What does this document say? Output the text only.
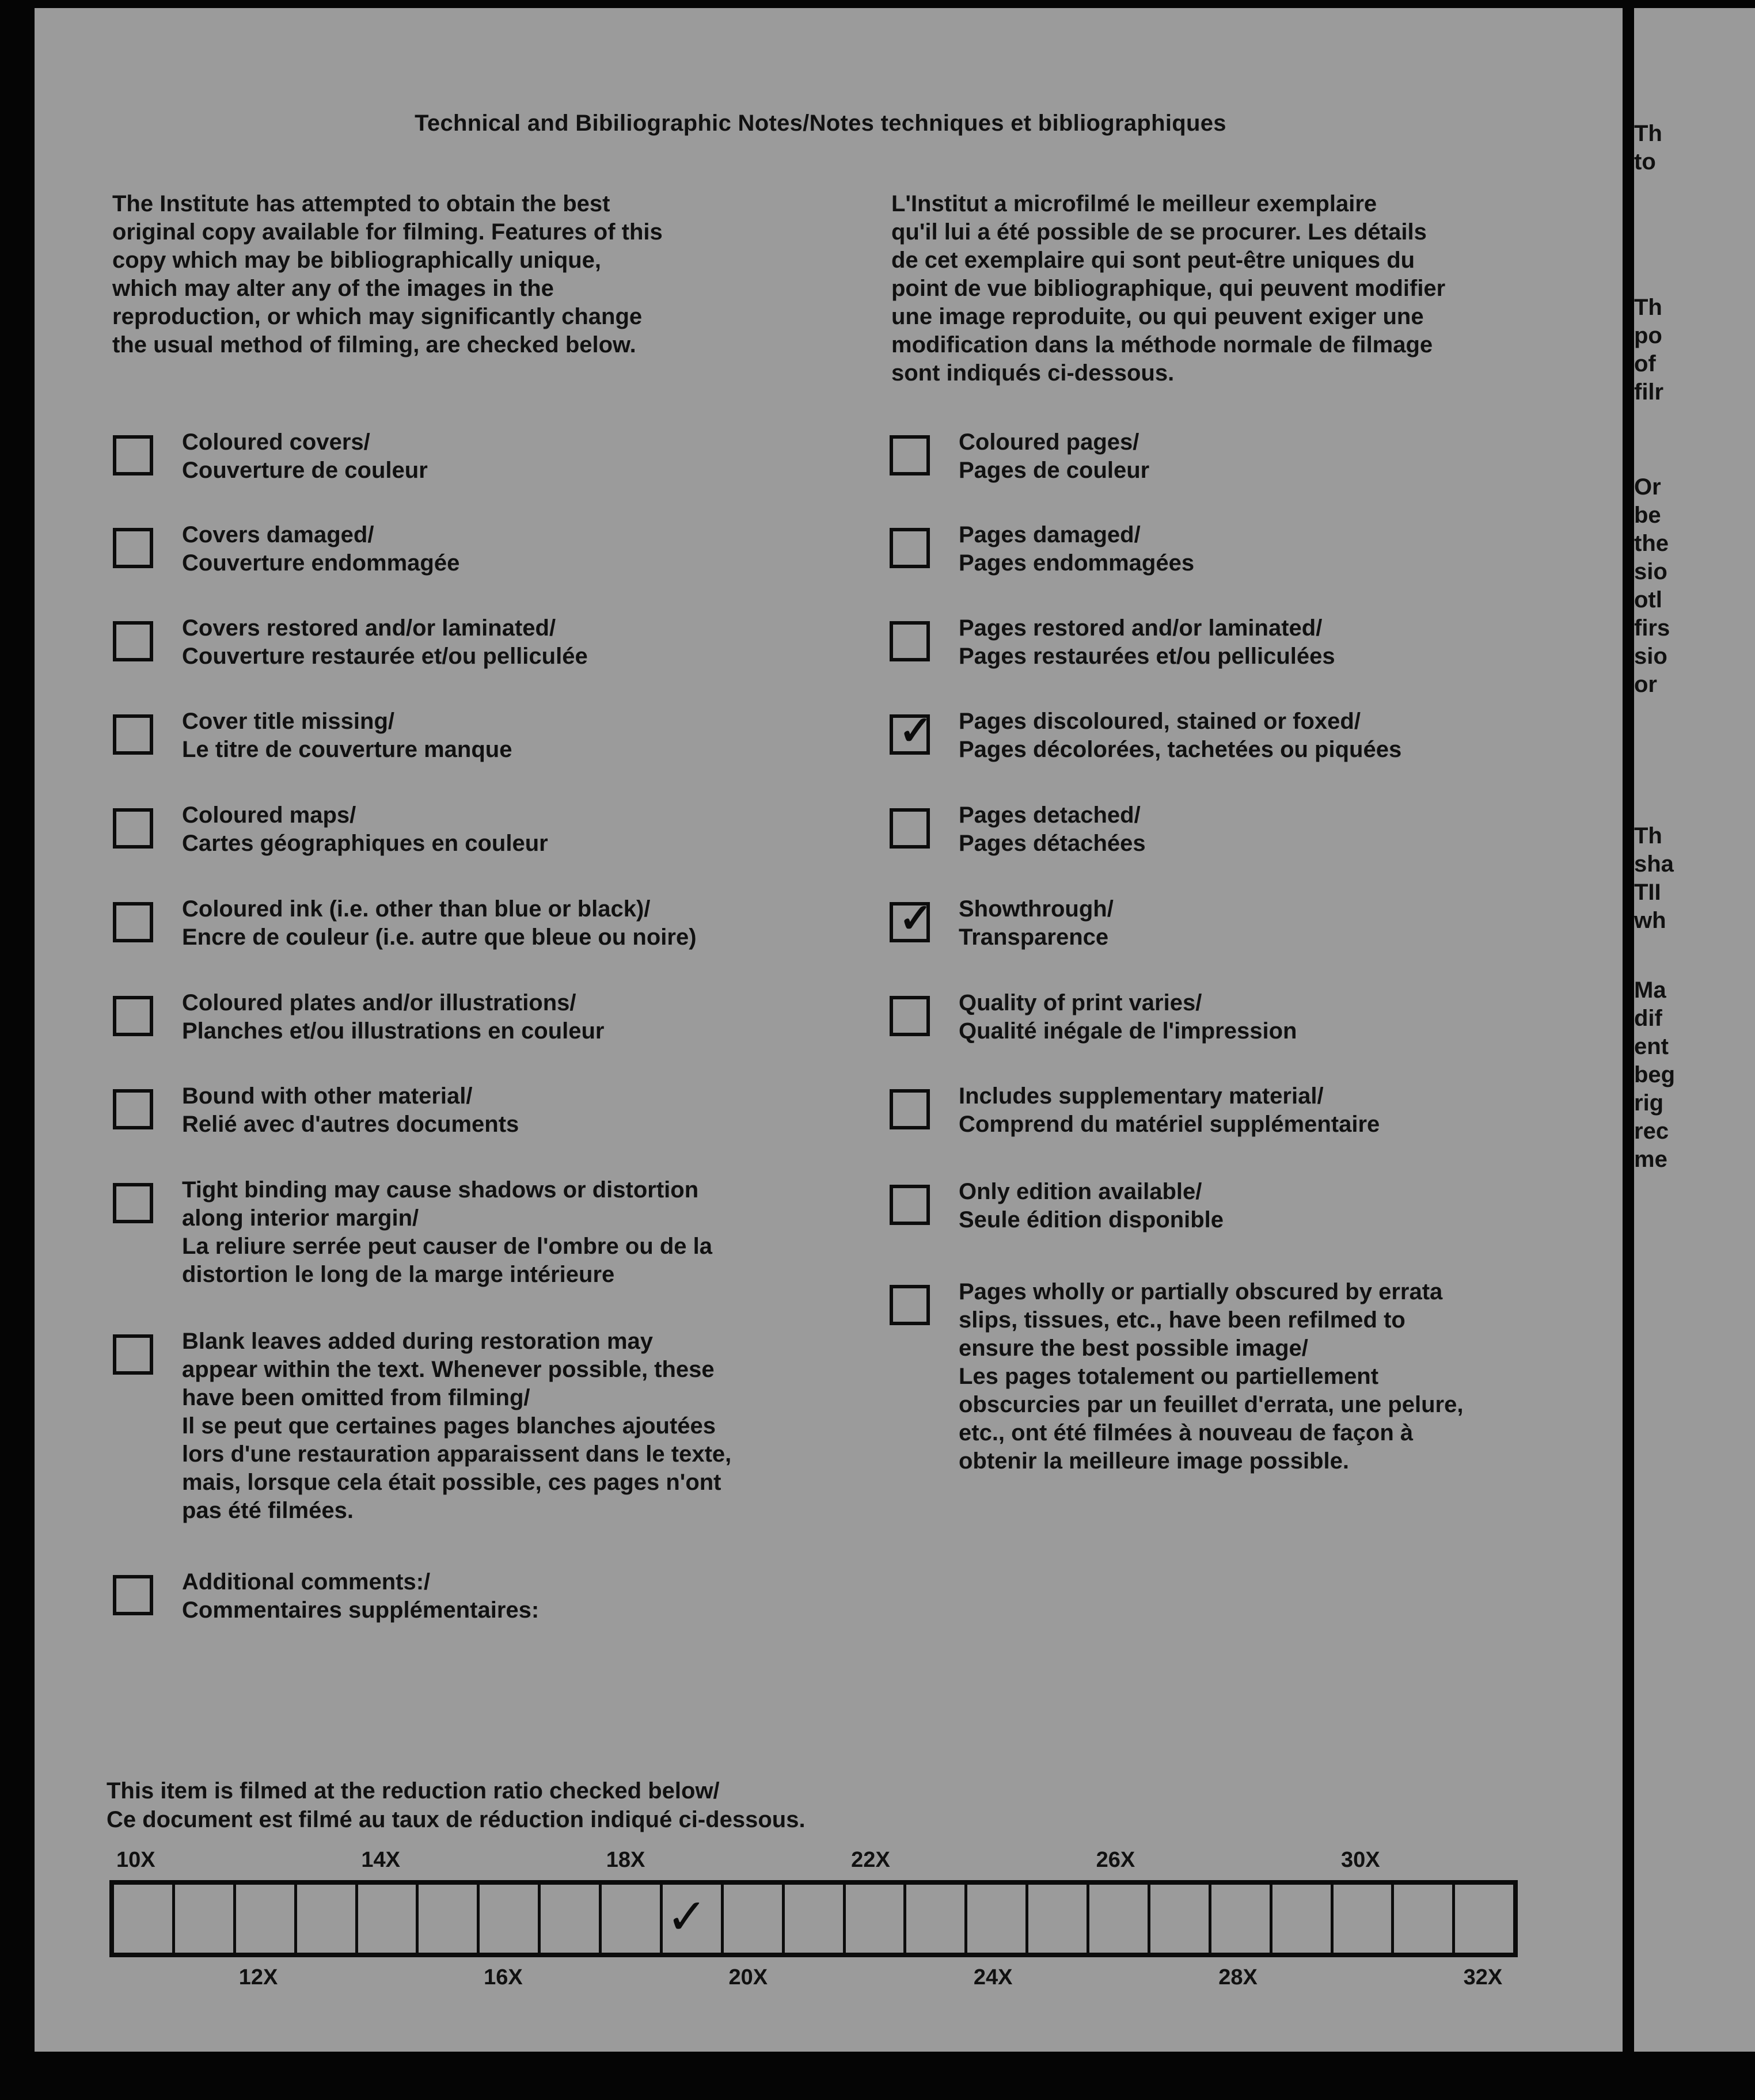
Technical and Bibiliographic Notes/Notes techniques et bibliographiques
The Institute has attempted to obtain the best
original copy available for filming. Features of this
copy which may be bibliographically unique,
which may alter any of the images in the
reproduction, or which may significantly change
the usual method of filming, are checked below.
L'Institut a microfilmé le meilleur exemplaire
qu'il lui a été possible de se procurer. Les détails
de cet exemplaire qui sont peut-être uniques du
point de vue bibliographique, qui peuvent modifier
une image reproduite, ou qui peuvent exiger une
modification dans la méthode normale de filmage
sont indiqués ci-dessous.
Coloured covers/
Couverture de couleur
Covers damaged/
Couverture endommagée
Covers restored and/or laminated/
Couverture restaurée et/ou pelliculée
Cover title missing/
Le titre de couverture manque
Coloured maps/
Cartes géographiques en couleur
Coloured ink (i.e. other than blue or black)/
Encre de couleur (i.e. autre que bleue ou noire)
Coloured plates and/or illustrations/
Planches et/ou illustrations en couleur
Bound with other material/
Relié avec d'autres documents
Tight binding may cause shadows or distortion
along interior margin/
La reliure serrée peut causer de l'ombre ou de la
distortion le long de la marge intérieure
Blank leaves added during restoration may
appear within the text. Whenever possible, these
have been omitted from filming/
Il se peut que certaines pages blanches ajoutées
lors d'une restauration apparaissent dans le texte,
mais, lorsque cela était possible, ces pages n'ont
pas été filmées.
Additional comments:/
Commentaires supplémentaires:
Coloured pages/
Pages de couleur
Pages damaged/
Pages endommagées
Pages restored and/or laminated/
Pages restaurées et/ou pelliculées
✓ Pages discoloured, stained or foxed/
Pages décolorées, tachetées ou piquées
Pages detached/
Pages détachées
✓ Showthrough/
Transparence
Quality of print varies/
Qualité inégale de l'impression
Includes supplementary material/
Comprend du matériel supplémentaire
Only edition available/
Seule édition disponible
Pages wholly or partially obscured by errata
slips, tissues, etc., have been refilmed to
ensure the best possible image/
Les pages totalement ou partiellement
obscurcies par un feuillet d'errata, une pelure,
etc., ont été filmées à nouveau de façon à
obtenir la meilleure image possible.
This item is filmed at the reduction ratio checked below/
Ce document est filmé au taux de réduction indiqué ci-dessous.
10X	14X	18X	22X	26X	30X
12X	16X	20X	24X	28X	32X
✓
Th
to
Th
po
of
filr
Or
be
the
sio
otl
firs
sio
or
Th
sha
TII
wh
Ma
dif
ent
beg
rig
rec
me
